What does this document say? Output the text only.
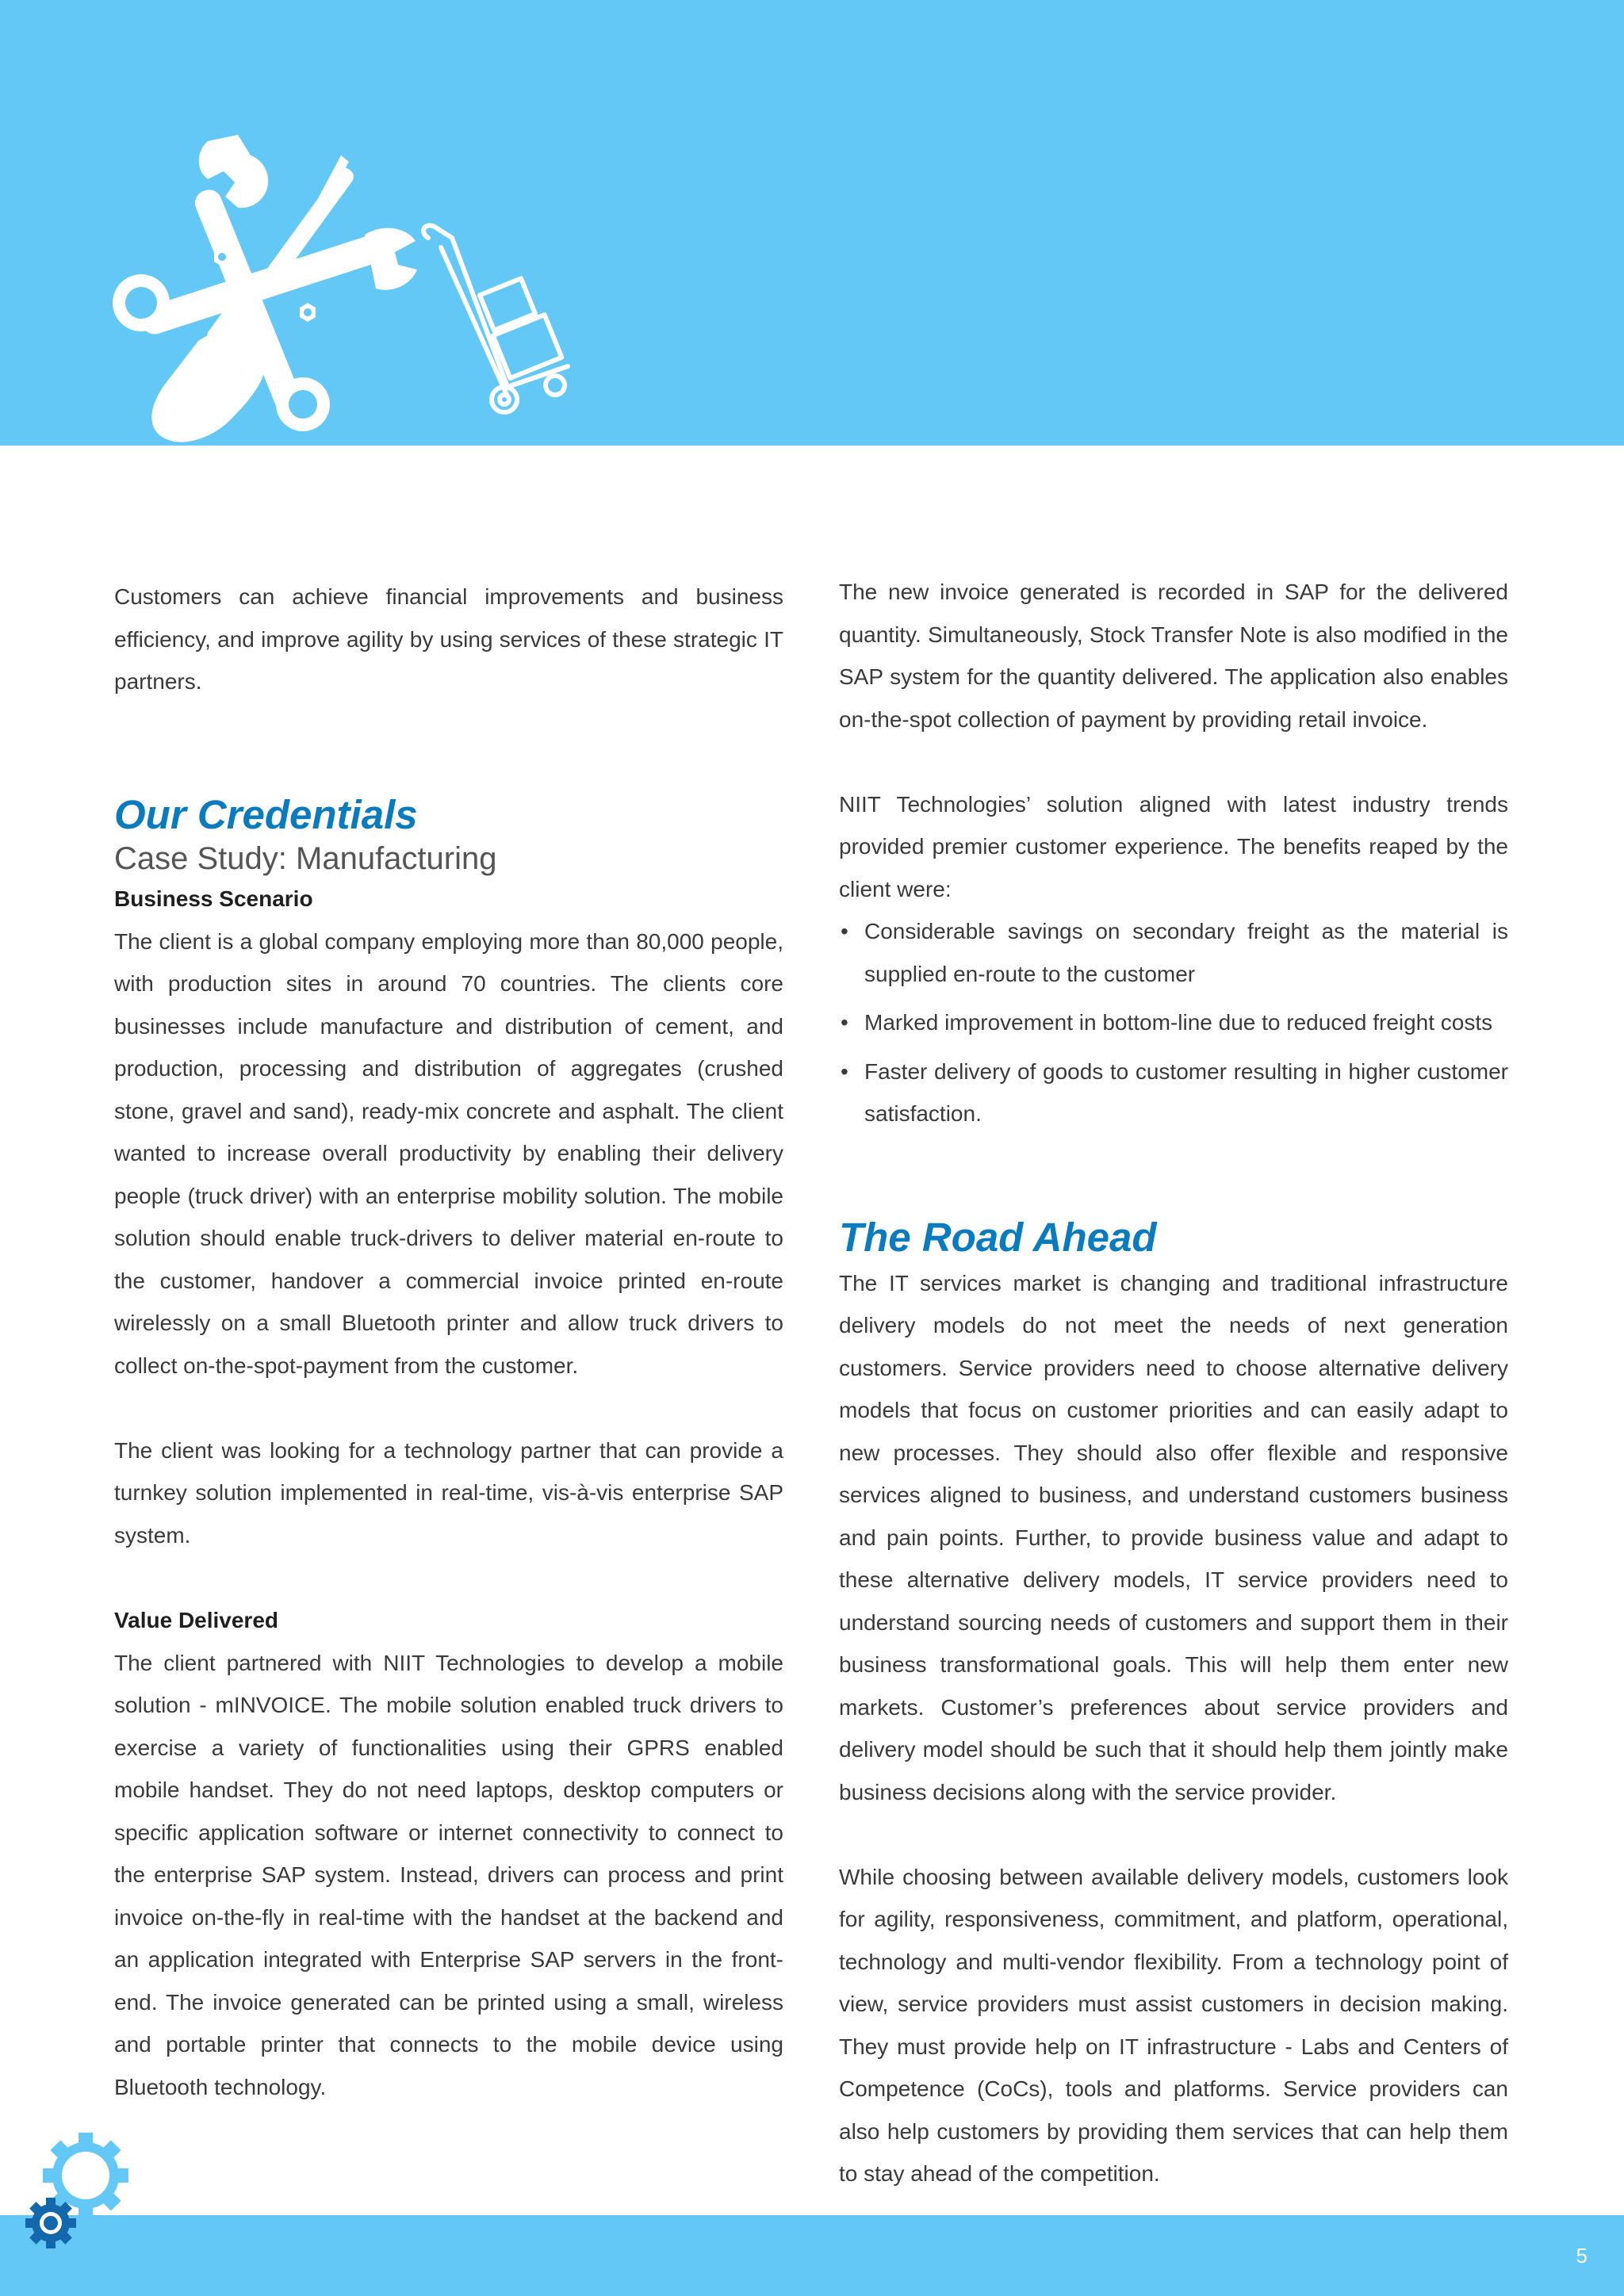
Customers can achieve financial improvements and business efficiency, and improve agility by using services of these strategic IT partners.

Our Credentials
Case Study: Manufacturing

Business Scenario

The client is a global company employing more than 80,000 people, with production sites in around 70 countries. The clients core businesses include manufacture and distribution of cement, and production, processing and distribution of aggregates (crushed stone, gravel and sand), ready-mix concrete and asphalt. The client wanted to increase overall productivity by enabling their delivery people (truck driver) with an enterprise mobility solution. The mobile solution should enable truck-drivers to deliver material en-route to the customer, handover a commercial invoice printed en-route wirelessly on a small Bluetooth printer and allow truck drivers to collect on-the-spot-payment from the customer.

The client was looking for a technology partner that can provide a turnkey solution implemented in real-time, vis-à-vis enterprise SAP system.

Value Delivered

The client partnered with NIIT Technologies to develop a mobile solution - mINVOICE. The mobile solution enabled truck drivers to exercise a variety of functionalities using their GPRS enabled mobile handset. They do not need laptops, desktop computers or specific application software or internet connectivity to connect to the enterprise SAP system. Instead, drivers can process and print invoice on-the-fly in real-time with the handset at the backend and an application integrated with Enterprise SAP servers in the front-end. The invoice generated can be printed using a small, wireless and portable printer that connects to the mobile device using Bluetooth technology.

The new invoice generated is recorded in SAP for the delivered quantity. Simultaneously, Stock Transfer Note is also modified in the SAP system for the quantity delivered. The application also enables on-the-spot collection of payment by providing retail invoice.

NIIT Technologies’ solution aligned with latest industry trends provided premier customer experience. The benefits reaped by the client were:

• Considerable savings on secondary freight as the material is supplied en-route to the customer
• Marked improvement in bottom-line due to reduced freight costs
• Faster delivery of goods to customer resulting in higher customer satisfaction.
The Road Ahead

The IT services market is changing and traditional infrastructure delivery models do not meet the needs of next generation customers. Service providers need to choose alternative delivery models that focus on customer priorities and can easily adapt to new processes. They should also offer flexible and responsive services aligned to business, and understand customers business and pain points. Further, to provide business value and adapt to these alternative delivery models, IT service providers need to understand sourcing needs of customers and support them in their business transformational goals. This will help them enter new markets. Customer’s preferences about service providers and delivery model should be such that it should help them jointly make business decisions along with the service provider.

While choosing between available delivery models, customers look for agility, responsiveness, commitment, and platform, operational, technology and multi-vendor flexibility. From a technology point of view, service providers must assist customers in decision making. They must provide help on IT infrastructure - Labs and Centers of Competence (CoCs), tools and platforms. Service providers can also help customers by providing them services that can help them to stay ahead of the competition.

5
